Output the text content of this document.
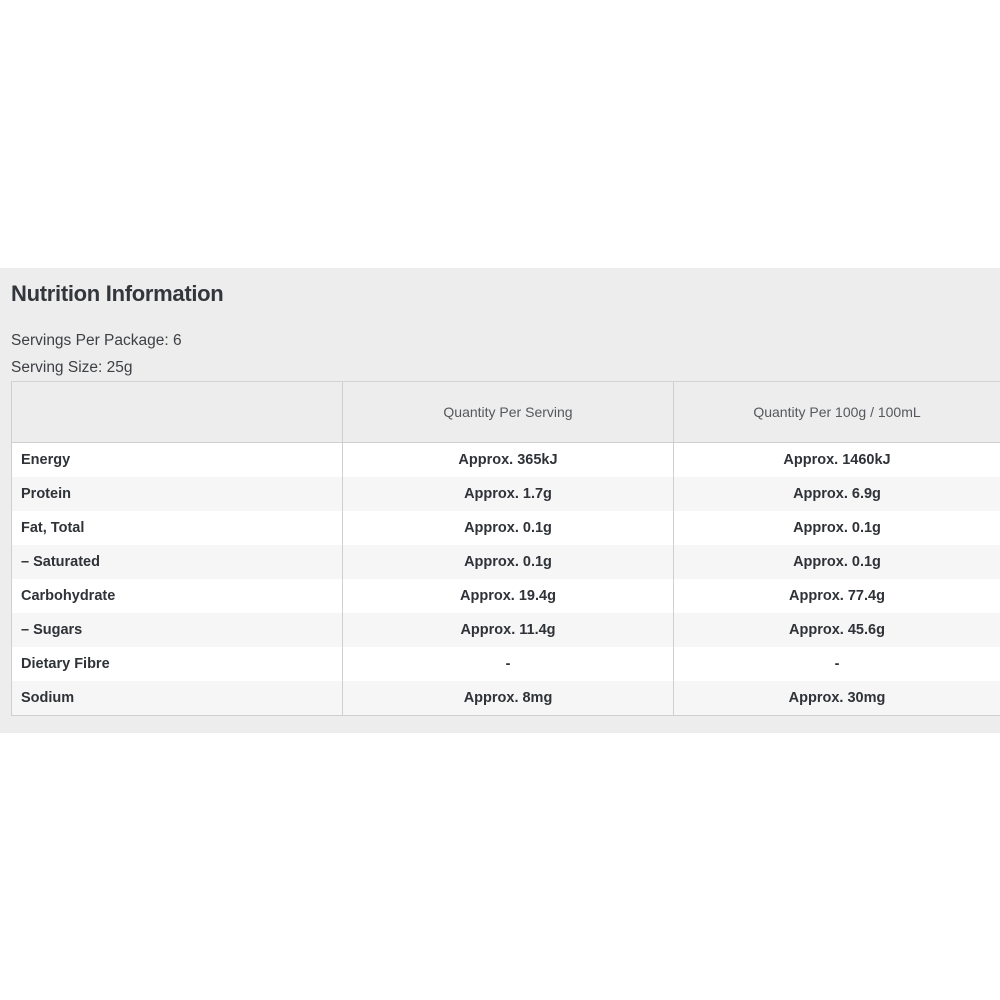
Nutrition Information

Servings Per Package: 6

Serving Size: 25g

	Quantity Per Serving	Quantity Per 100g / 100mL
Energy	Approx. 365kJ	Approx. 1460kJ
Protein	Approx. 1.7g	Approx. 6.9g
Fat, Total	Approx. 0.1g	Approx. 0.1g
– Saturated	Approx. 0.1g	Approx. 0.1g
Carbohydrate	Approx. 19.4g	Approx. 77.4g
– Sugars	Approx. 11.4g	Approx. 45.6g
Dietary Fibre	-	-
Sodium	Approx. 8mg	Approx. 30mg
